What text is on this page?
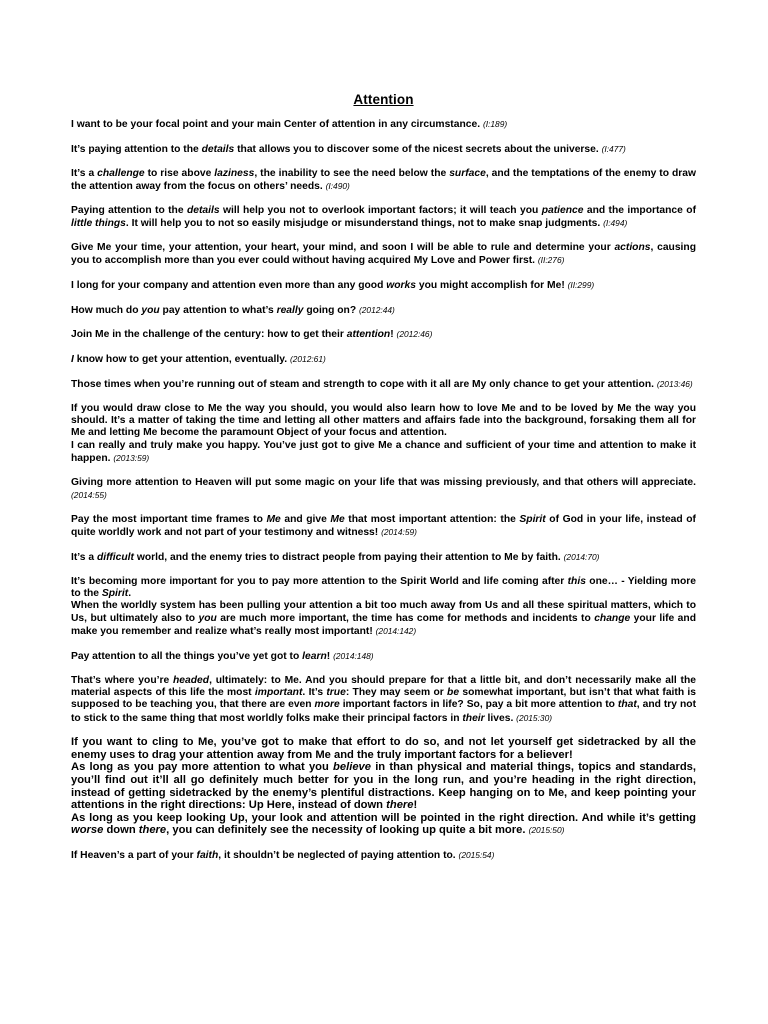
Attention
I want to be your focal point and your main Center of attention in any circumstance. (I:189)
It’s paying attention to the details that allows you to discover some of the nicest secrets about the universe. (I:477)
It’s a challenge to rise above laziness, the inability to see the need below the surface, and the temptations of the enemy to draw the attention away from the focus on others’ needs. (I:490)
Paying attention to the details will help you not to overlook important factors; it will teach you patience and the importance of little things. It will help you to not so easily misjudge or misunderstand things, not to make snap judgments. (I:494)
Give Me your time, your attention, your heart, your mind, and soon I will be able to rule and determine your actions, causing you to accomplish more than you ever could without having acquired My Love and Power first. (II:276)
I long for your company and attention even more than any good works you might accomplish for Me! (II:299)
How much do you pay attention to what’s really going on? (2012:44)
Join Me in the challenge of the century: how to get their attention! (2012:46)
I know how to get your attention, eventually. (2012:61)
Those times when you’re running out of steam and strength to cope with it all are My only chance to get your attention. (2013:46)
If you would draw close to Me the way you should, you would also learn how to love Me and to be loved by Me the way you should. It’s a matter of taking the time and letting all other matters and affairs fade into the background, forsaking them all for Me and letting Me become the paramount Object of your focus and attention.
I can really and truly make you happy. You’ve just got to give Me a chance and sufficient of your time and attention to make it happen. (2013:59)
Giving more attention to Heaven will put some magic on your life that was missing previously, and that others will appreciate. (2014:55)
Pay the most important time frames to Me and give Me that most important attention: the Spirit of God in your life, instead of quite worldly work and not part of your testimony and witness! (2014:59)
It’s a difficult world, and the enemy tries to distract people from paying their attention to Me by faith. (2014:70)
It’s becoming more important for you to pay more attention to the Spirit World and life coming after this one… - Yielding more to the Spirit.
When the worldly system has been pulling your attention a bit too much away from Us and all these spiritual matters, which to Us, but ultimately also to you are much more important, the time has come for methods and incidents to change your life and make you remember and realize what’s really most important! (2014:142)
Pay attention to all the things you’ve yet got to learn! (2014:148)
That’s where you’re headed, ultimately: to Me. And you should prepare for that a little bit, and don’t necessarily make all the material aspects of this life the most important. It’s true: They may seem or be somewhat important, but isn’t that what faith is supposed to be teaching you, that there are even more important factors in life? So, pay a bit more attention to that, and try not to stick to the same thing that most worldly folks make their principal factors in their lives. (2015:30)
If you want to cling to Me, you’ve got to make that effort to do so, and not let yourself get sidetracked by all the enemy uses to drag your attention away from Me and the truly important factors for a believer!
As long as you pay more attention to what you believe in than physical and material things, topics and standards, you’ll find out it’ll all go definitely much better for you in the long run, and you’re heading in the right direction, instead of getting sidetracked by the enemy’s plentiful distractions. Keep hanging on to Me, and keep pointing your attentions in the right directions: Up Here, instead of down there!
As long as you keep looking Up, your look and attention will be pointed in the right direction. And while it’s getting worse down there, you can definitely see the necessity of looking up quite a bit more. (2015:50)
If Heaven’s a part of your faith, it shouldn’t be neglected of paying attention to. (2015:54)
